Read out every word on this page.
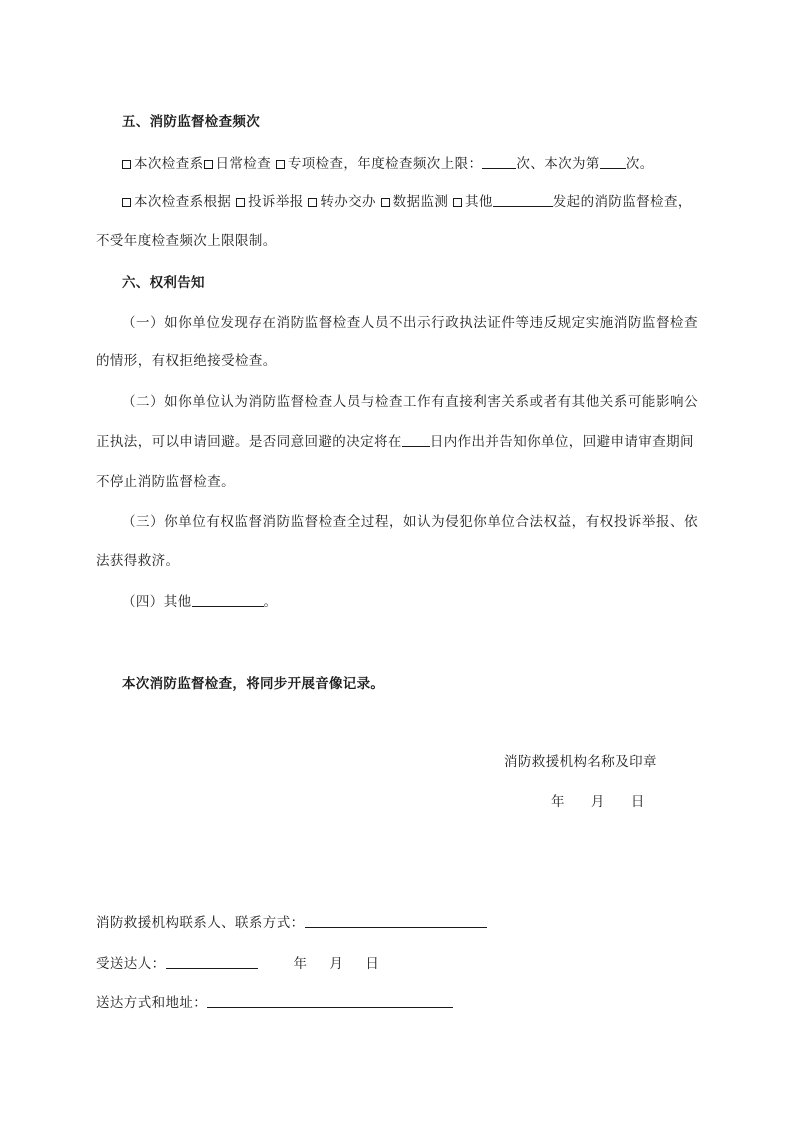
五、消防监督检查频次
本次检查系 日常检查 专项检查，年度检查频次上限：	次、本次为第 次。
本次检查系根据 投诉举报 转办交办 数据监测 其他	发起的消防监督检查，
不受年度检查频次上限限制。
六、权利告知
（一）如你单位发现存在消防监督检查人员不出示行政执法证件等违反规定实施消防监督检查
的情形，有权拒绝接受检查。
（二）如你单位认为消防监督检查人员与检查工作有直接利害关系或者有其他关系可能影响公
正执法，可以申请回避。是否同意回避的决定将在 日内作出并告知你单位，回避申请审查期间
不停止消防监督检查。
（三）你单位有权监督消防监督检查全过程，如认为侵犯你单位合法权益，有权投诉举报、依
法获得救济。
（四）其他	。
本次消防监督检查，将同步开展音像记录。
消防救援机构名称及印章
年 月 日
消防救援机构联系人、联系方式：
受送达人：	年 月 日
送达方式和地址：
